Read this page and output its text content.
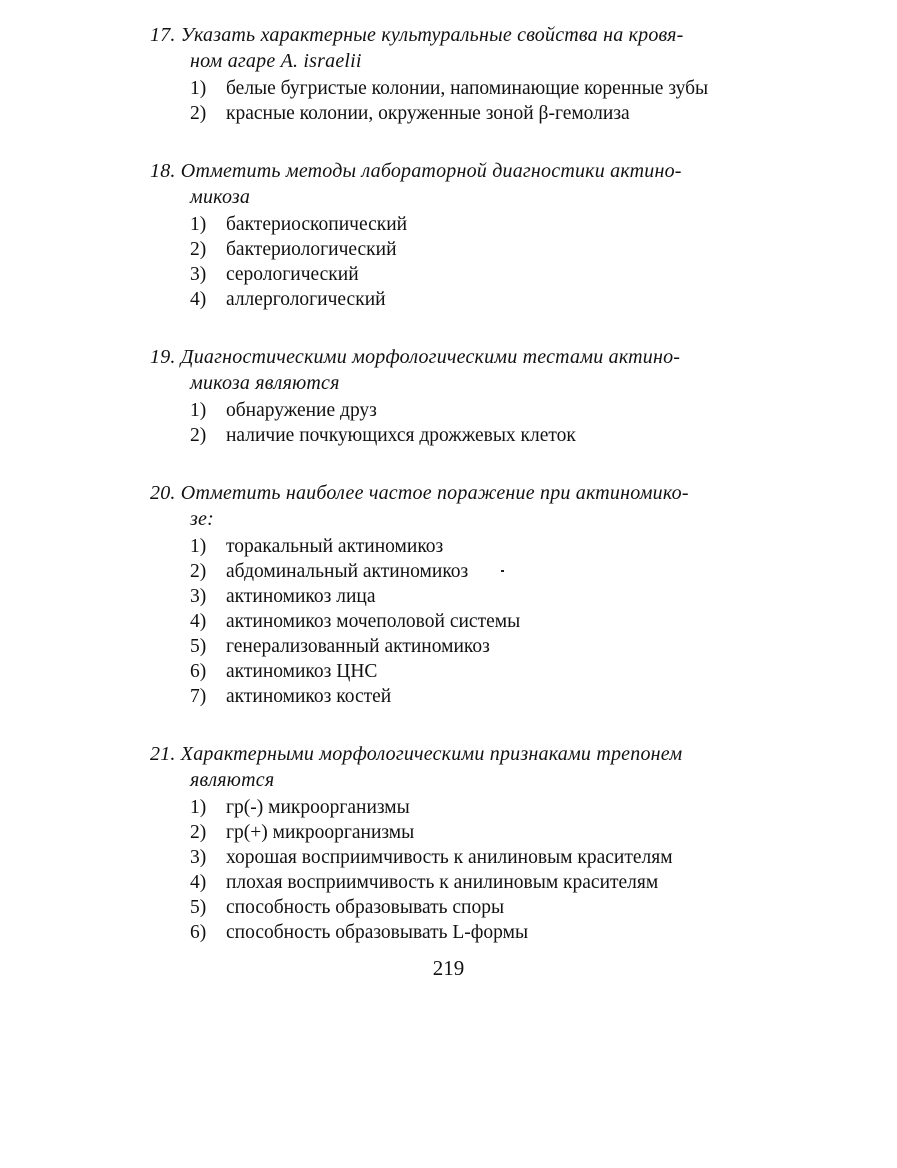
17. Указать характерные культуральные свойства на кровя-
ном агаре A. israelii
1) белые бугристые колонии, напоминающие коренные зубы
2) красные колонии, окруженные зоной β-гемолиза
18. Отметить методы лабораторной диагностики актино-
микоза
1) бактериоскопический
2) бактериологический
3) серологический
4) аллергологический
19. Диагностическими морфологическими тестами актино-
микоза являются
1) обнаружение друз
2) наличие почкующихся дрожжевых клеток
20. Отметить наиболее частое поражение при актиномико-
зе:
1) торакальный актиномикоз
2) абдоминальный актиномикоз
3) актиномикоз лица
4) актиномикоз мочеполовой системы
5) генерализованный актиномикоз
6) актиномикоз ЦНС
7) актиномикоз костей
21. Характерными морфологическими признаками трепонем
являются
1) гр(-) микроорганизмы
2) гр(+) микроорганизмы
3) хорошая восприимчивость к анилиновым красителям
4) плохая восприимчивость к анилиновым красителям
5) способность образовывать споры
6) способность образовывать L-формы
219
